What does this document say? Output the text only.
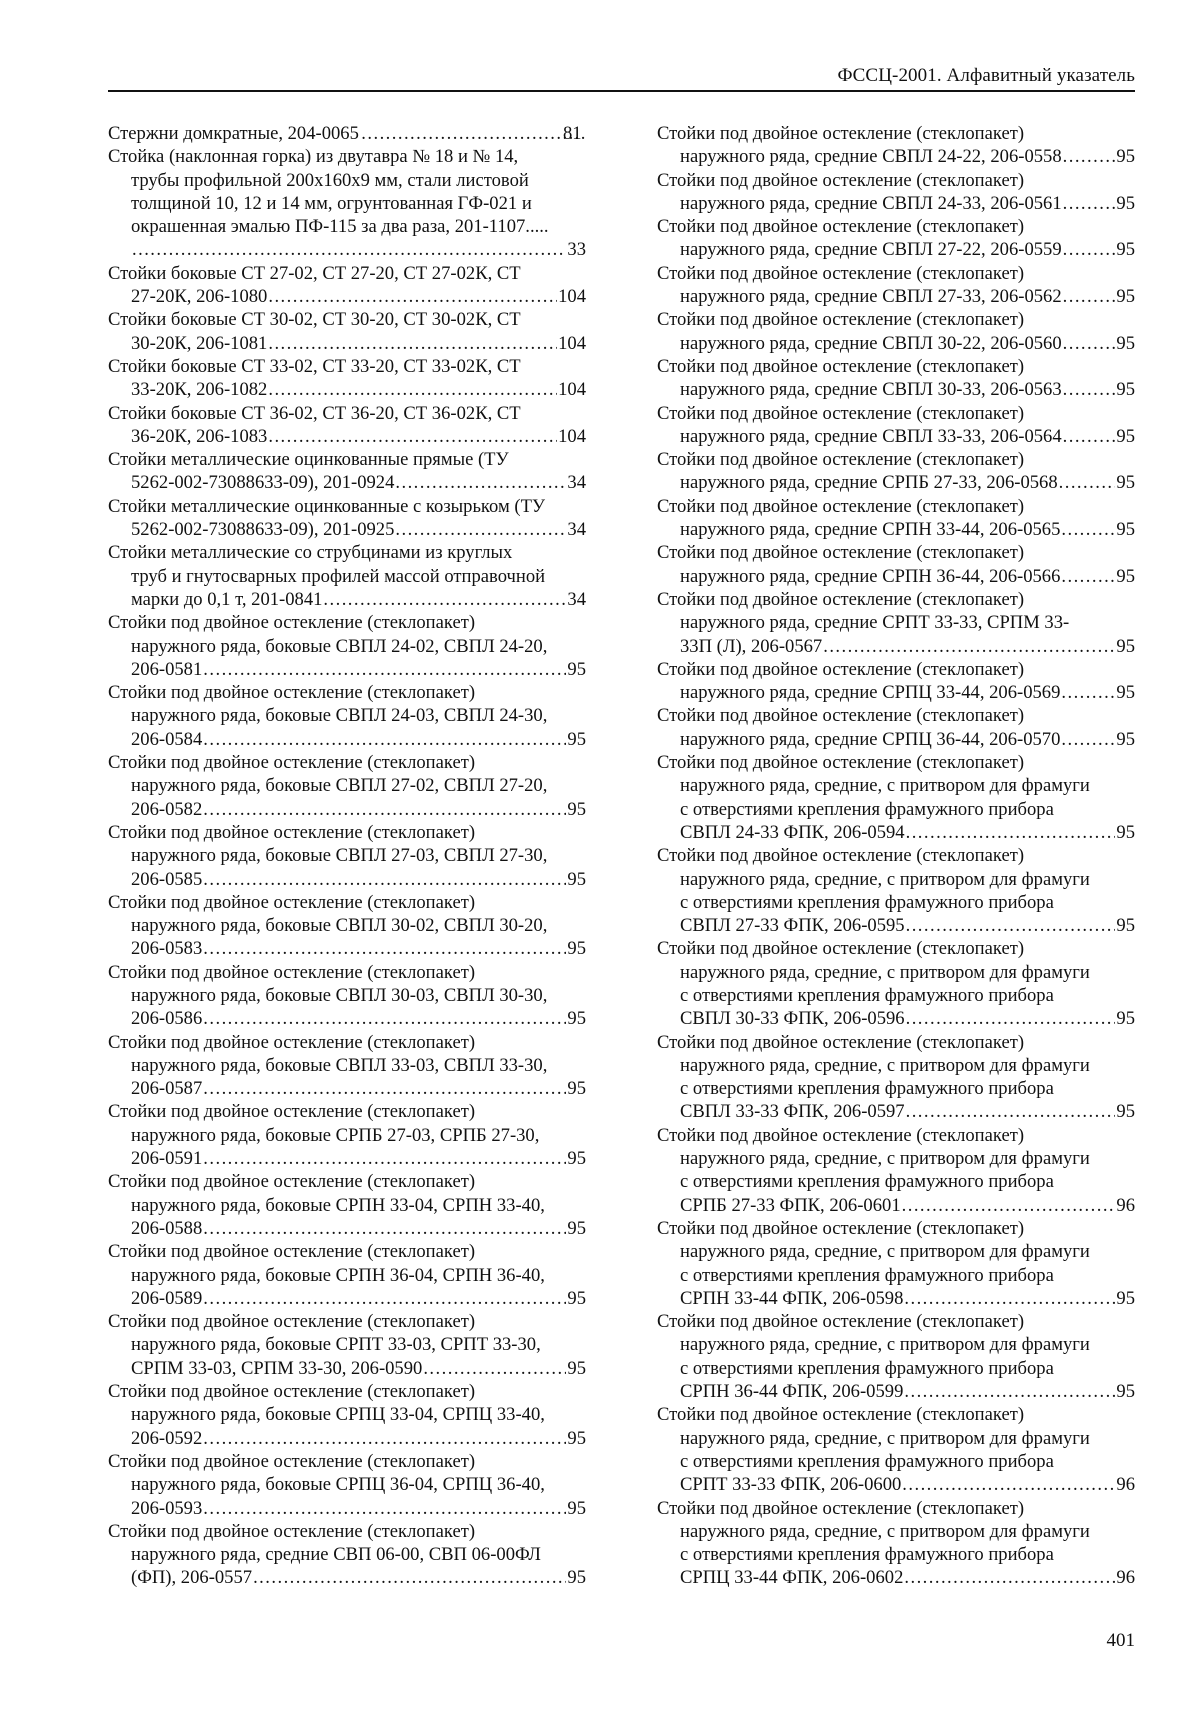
ФССЦ-2001. Алфавитный указатель
Стержни домкратные, 204-0065 . . .	81
Стойка (наклонная горка) из двутавра № 18 и № 14,
трубы профильной 200x160x9 мм, стали листовой
толщиной 10, 12 и 14 мм, огрунтованная ГФ-021 и
окрашенная эмалью ПФ-115 за два раза, 201-1107.....
. . .
33
Стойки боковые СТ 27-02, СТ 27-20, СТ 27-02К, СТ
27-20К, 206-1080 . . .	104
Стойки боковые СТ 30-02, СТ 30-20, СТ 30-02К, СТ
30-20К, 206-1081 . . .	104
Стойки боковые СТ 33-02, СТ 33-20, СТ 33-02К, СТ
33-20К, 206-1082 . . .	104
Стойки боковые СТ 36-02, СТ 36-20, СТ 36-02К, СТ
36-20К, 206-1083 . . .	104
Стойки металлические оцинкованные прямые (ТУ
5262-002-73088633-09), 201-0924 . . .	34
Стойки металлические оцинкованные с козырьком (ТУ
5262-002-73088633-09), 201-0925 . . .	34
Стойки металлические со струбцинами из круглых
труб и гнутосварных профилей массой отправочной
марки до 0,1 т, 201-0841 . . .	34
Стойки под двойное остекление (стеклопакет)
наружного ряда, боковые СВПЛ 24-02, СВПЛ 24-20,
206-0581 . . .	95
Стойки под двойное остекление (стеклопакет)
наружного ряда, боковые СВПЛ 24-03, СВПЛ 24-30,
206-0584 . . .	95
Стойки под двойное остекление (стеклопакет)
наружного ряда, боковые СВПЛ 27-02, СВПЛ 27-20,
206-0582 . . .	95
Стойки под двойное остекление (стеклопакет)
наружного ряда, боковые СВПЛ 27-03, СВПЛ 27-30,
206-0585 . . .	95
Стойки под двойное остекление (стеклопакет)
наружного ряда, боковые СВПЛ 30-02, СВПЛ 30-20,
206-0583 . . .	95
Стойки под двойное остекление (стеклопакет)
наружного ряда, боковые СВПЛ 30-03, СВПЛ 30-30,
206-0586 . . .	95
Стойки под двойное остекление (стеклопакет)
наружного ряда, боковые СВПЛ 33-03, СВПЛ 33-30,
206-0587 . . .	95
Стойки под двойное остекление (стеклопакет)
наружного ряда, боковые СРПБ 27-03, СРПБ 27-30,
206-0591 . . .	95
Стойки под двойное остекление (стеклопакет)
наружного ряда, боковые СРПН 33-04, СРПН 33-40,
206-0588 . . .	95
Стойки под двойное остекление (стеклопакет)
наружного ряда, боковые СРПН 36-04, СРПН 36-40,
206-0589 . . .	95
Стойки под двойное остекление (стеклопакет)
наружного ряда, боковые СРПТ 33-03, СРПТ 33-30,
СРПМ 33-03, СРПМ 33-30, 206-0590 . . .	95
Стойки под двойное остекление (стеклопакет)
наружного ряда, боковые СРПЦ 33-04, СРПЦ 33-40,
206-0592 . . .	95
Стойки под двойное остекление (стеклопакет)
наружного ряда, боковые СРПЦ 36-04, СРПЦ 36-40,
206-0593 . . .	95
Стойки под двойное остекление (стеклопакет)
наружного ряда, средние СВП 06-00, СВП 06-00ФЛ
(ФП), 206-0557 . . .	95
Стойки под двойное остекление (стеклопакет)
наружного ряда, средние СВПЛ 24-22, 206-0558 . . .	95
Стойки под двойное остекление (стеклопакет)
наружного ряда, средние СВПЛ 24-33, 206-0561 . . .	95
Стойки под двойное остекление (стеклопакет)
наружного ряда, средние СВПЛ 27-22, 206-0559 . . .	95
Стойки под двойное остекление (стеклопакет)
наружного ряда, средние СВПЛ 27-33, 206-0562 . . .	95
Стойки под двойное остекление (стеклопакет)
наружного ряда, средние СВПЛ 30-22, 206-0560 . . .	95
Стойки под двойное остекление (стеклопакет)
наружного ряда, средние СВПЛ 30-33, 206-0563 . . .	95
Стойки под двойное остекление (стеклопакет)
наружного ряда, средние СВПЛ 33-33, 206-0564 . . .	95
Стойки под двойное остекление (стеклопакет)
наружного ряда, средние СРПБ 27-33, 206-0568 . . .	95
Стойки под двойное остекление (стеклопакет)
наружного ряда, средние СРПН 33-44, 206-0565 . . .	95
Стойки под двойное остекление (стеклопакет)
наружного ряда, средние СРПН 36-44, 206-0566 . . .	95
Стойки под двойное остекление (стеклопакет)
наружного ряда, средние СРПТ 33-33, СРПМ 33-
33П (Л), 206-0567 . . .	95
Стойки под двойное остекление (стеклопакет)
наружного ряда, средние СРПЦ 33-44, 206-0569 . . .	95
Стойки под двойное остекление (стеклопакет)
наружного ряда, средние СРПЦ 36-44, 206-0570 . . .	95
Стойки под двойное остекление (стеклопакет)
наружного ряда, средние, с притвором для фрамуги
с отверстиями крепления фрамужного прибора
СВПЛ 24-33 ФПК, 206-0594 . . .	95
Стойки под двойное остекление (стеклопакет)
наружного ряда, средние, с притвором для фрамуги
с отверстиями крепления фрамужного прибора
СВПЛ 27-33 ФПК, 206-0595 . . .	95
Стойки под двойное остекление (стеклопакет)
наружного ряда, средние, с притвором для фрамуги
с отверстиями крепления фрамужного прибора
СВПЛ 30-33 ФПК, 206-0596 . . .	95
Стойки под двойное остекление (стеклопакет)
наружного ряда, средние, с притвором для фрамуги
с отверстиями крепления фрамужного прибора
СВПЛ 33-33 ФПК, 206-0597 . . .	95
Стойки под двойное остекление (стеклопакет)
наружного ряда, средние, с притвором для фрамуги
с отверстиями крепления фрамужного прибора
СРПБ 27-33 ФПК, 206-0601 . . .	96
Стойки под двойное остекление (стеклопакет)
наружного ряда, средние, с притвором для фрамуги
с отверстиями крепления фрамужного прибора
СРПН 33-44 ФПК, 206-0598 . . .	95
Стойки под двойное остекление (стеклопакет)
наружного ряда, средние, с притвором для фрамуги
с отверстиями крепления фрамужного прибора
СРПН 36-44 ФПК, 206-0599 . . .	95
Стойки под двойное остекление (стеклопакет)
наружного ряда, средние, с притвором для фрамуги
с отверстиями крепления фрамужного прибора
СРПТ 33-33 ФПК, 206-0600 . . .	96
Стойки под двойное остекление (стеклопакет)
наружного ряда, средние, с притвором для фрамуги
с отверстиями крепления фрамужного прибора
СРПЦ 33-44 ФПК, 206-0602 . . .	96
401
